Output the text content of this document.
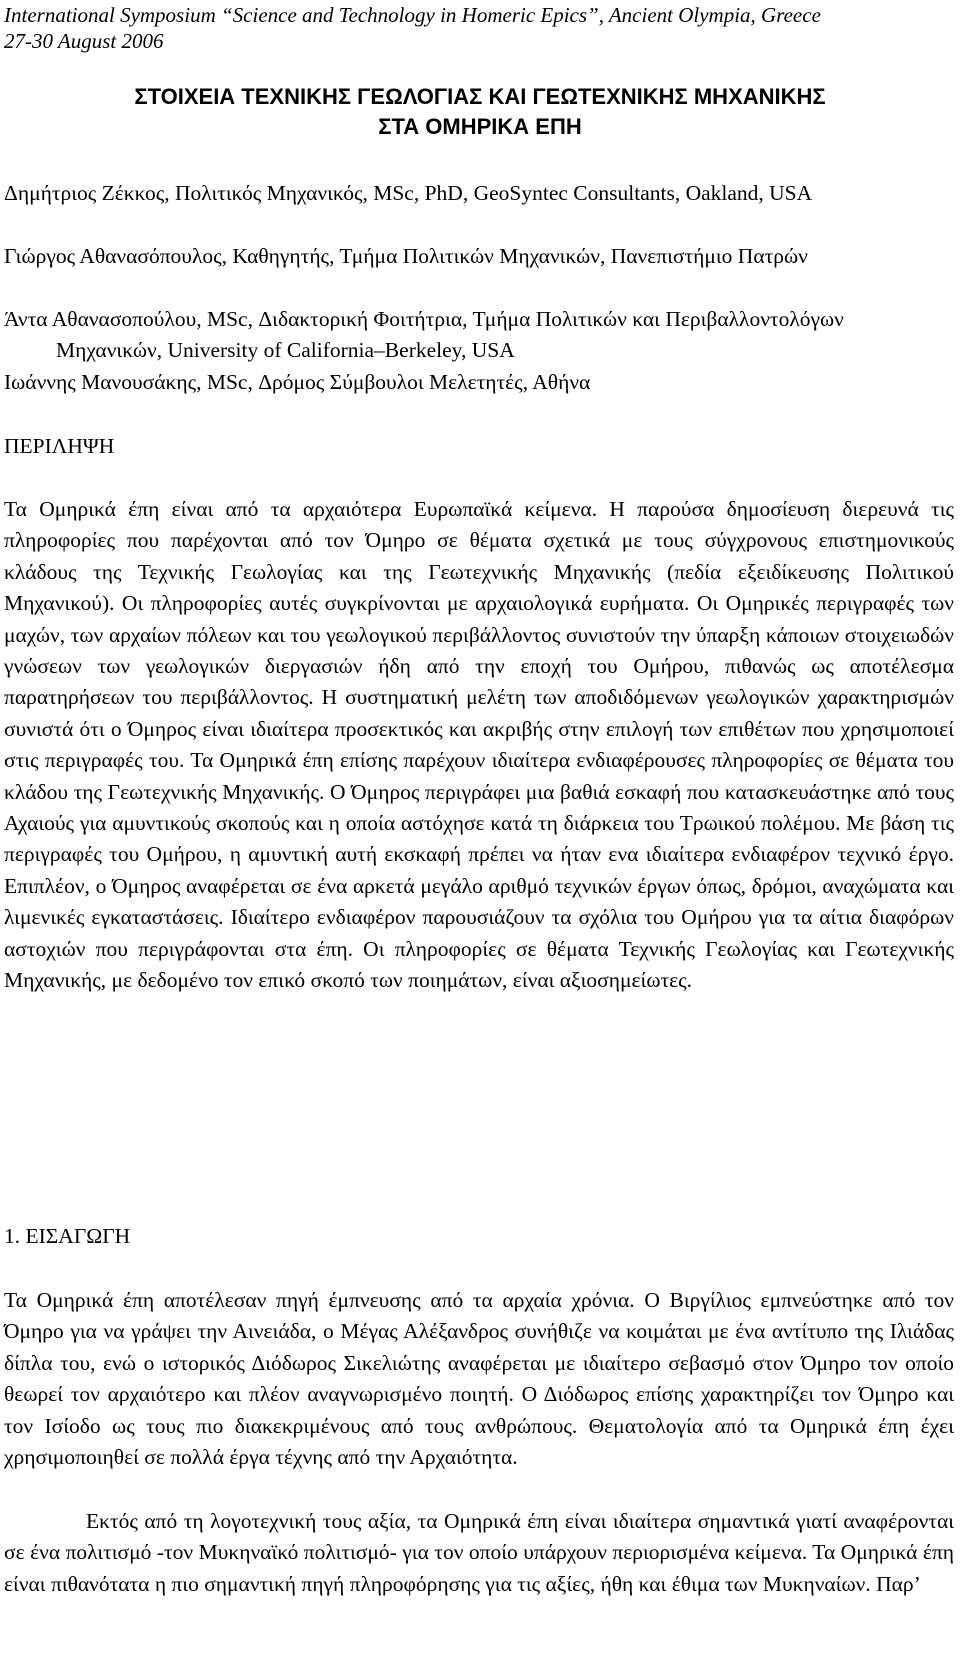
International Symposium “Science and Technology in Homeric Epics”, Ancient Olympia, Greece
27-30 August 2006
ΣΤΟΙΧΕΙΑ ΤΕΧΝΙΚΗΣ ΓΕΩΛΟΓΙΑΣ ΚΑΙ ΓΕΩΤΕΧΝΙΚΗΣ ΜΗΧΑΝΙΚΗΣ
ΣΤΑ ΟΜΗΡΙΚΑ ΕΠΗ
Δημήτριος Ζέκκος, Πολιτικός Μηχανικός, MSc, PhD, GeoSyntec Consultants, Oakland, USA
Γιώργος Αθανασόπουλος, Καθηγητής, Τμήμα Πολιτικών Μηχανικών, Πανεπιστήμιο Πατρών
Άντα Αθανασοπούλου, MSc, Διδακτορική Φοιτήτρια, Τμήμα Πολιτικών και Περιβαλλοντολόγων Μηχανικών, University of California–Berkeley, USA
Ιωάννης Μανουσάκης, MSc, Δρόμος Σύμβουλοι Μελετητές, Αθήνα
ΠΕΡΙΛΗΨΗ
Τα Ομηρικά έπη είναι από τα αρχαιότερα Ευρωπαϊκά κείμενα. Η παρούσα δημοσίευση διερευνά τις πληροφορίες που παρέχονται από τον Όμηρο σε θέματα σχετικά με τους σύγχρονους επιστημονικούς κλάδους της Τεχνικής Γεωλογίας και της Γεωτεχνικής Μηχανικής (πεδία εξειδίκευσης Πολιτικού Μηχανικού). Οι πληροφορίες αυτές συγκρίνονται με αρχαιολογικά ευρήματα. Οι Ομηρικές περιγραφές των μαχών, των αρχαίων πόλεων και του γεωλογικού περιβάλλοντος συνιστούν την ύπαρξη κάποιων στοιχειωδών γνώσεων των γεωλογικών διεργασιών ήδη από την εποχή του Ομήρου, πιθανώς ως αποτέλεσμα παρατηρήσεων του περιβάλλοντος. Η συστηματική μελέτη των αποδιδόμενων γεωλογικών χαρακτηρισμών συνιστά ότι ο Όμηρος είναι ιδιαίτερα προσεκτικός και ακριβής στην επιλογή των επιθέτων που χρησιμοποιεί στις περιγραφές του. Τα Ομηρικά έπη επίσης παρέχουν ιδιαίτερα ενδιαφέρουσες πληροφορίες σε θέματα του κλάδου της Γεωτεχνικής Μηχανικής. Ο Όμηρος περιγράφει μια βαθιά εσκαφή που κατασκευάστηκε από τους Αχαιούς για αμυντικούς σκοπούς και η οποία αστόχησε κατά τη διάρκεια του Τρωικού πολέμου. Με βάση τις περιγραφές του Ομήρου, η αμυντική αυτή εκσκαφή πρέπει να ήταν ενα ιδιαίτερα ενδιαφέρον τεχνικό έργο. Επιπλέον, ο Όμηρος αναφέρεται σε ένα αρκετά μεγάλο αριθμό τεχνικών έργων όπως, δρόμοι, αναχώματα και λιμενικές εγκαταστάσεις. Ιδιαίτερο ενδιαφέρον παρουσιάζουν τα σχόλια του Ομήρου για τα αίτια διαφόρων αστοχιών που περιγράφονται στα έπη. Οι πληροφορίες σε θέματα Τεχνικής Γεωλογίας και Γεωτεχνικής Μηχανικής, με δεδομένο τον επικό σκοπό των ποιημάτων, είναι αξιοσημείωτες.
1. ΕΙΣΑΓΩΓΗ
Τα Ομηρικά έπη αποτέλεσαν πηγή έμπνευσης από τα αρχαία χρόνια. Ο Βιργίλιος εμπνεύστηκε από τον Όμηρο για να γράψει την Αινειάδα, ο Μέγας Αλέξανδρος συνήθιζε να κοιμάται με ένα αντίτυπο της Ιλιάδας δίπλα του, ενώ ο ιστορικός Διόδωρος Σικελιώτης αναφέρεται με ιδιαίτερο σεβασμό στον Όμηρο τον οποίο θεωρεί τον αρχαιότερο και πλέον αναγνωρισμένο ποιητή. Ο Διόδωρος επίσης χαρακτηρίζει τον Όμηρο και τον Ισίοδο ως τους πιο διακεκριμένους από τους ανθρώπους. Θεματολογία από τα Ομηρικά έπη έχει χρησιμοποιηθεί σε πολλά έργα τέχνης από την Αρχαιότητα.
Εκτός από τη λογοτεχνική τους αξία, τα Ομηρικά έπη είναι ιδιαίτερα σημαντικά γιατί αναφέρονται σε ένα πολιτισμό -τον Μυκηναϊκό πολιτισμό- για τον οποίο υπάρχουν περιορισμένα κείμενα. Τα Ομηρικά έπη είναι πιθανότατα η πιο σημαντική πηγή πληροφόρησης για τις αξίες, ήθη και έθιμα των Μυκηναίων. Παρ’
